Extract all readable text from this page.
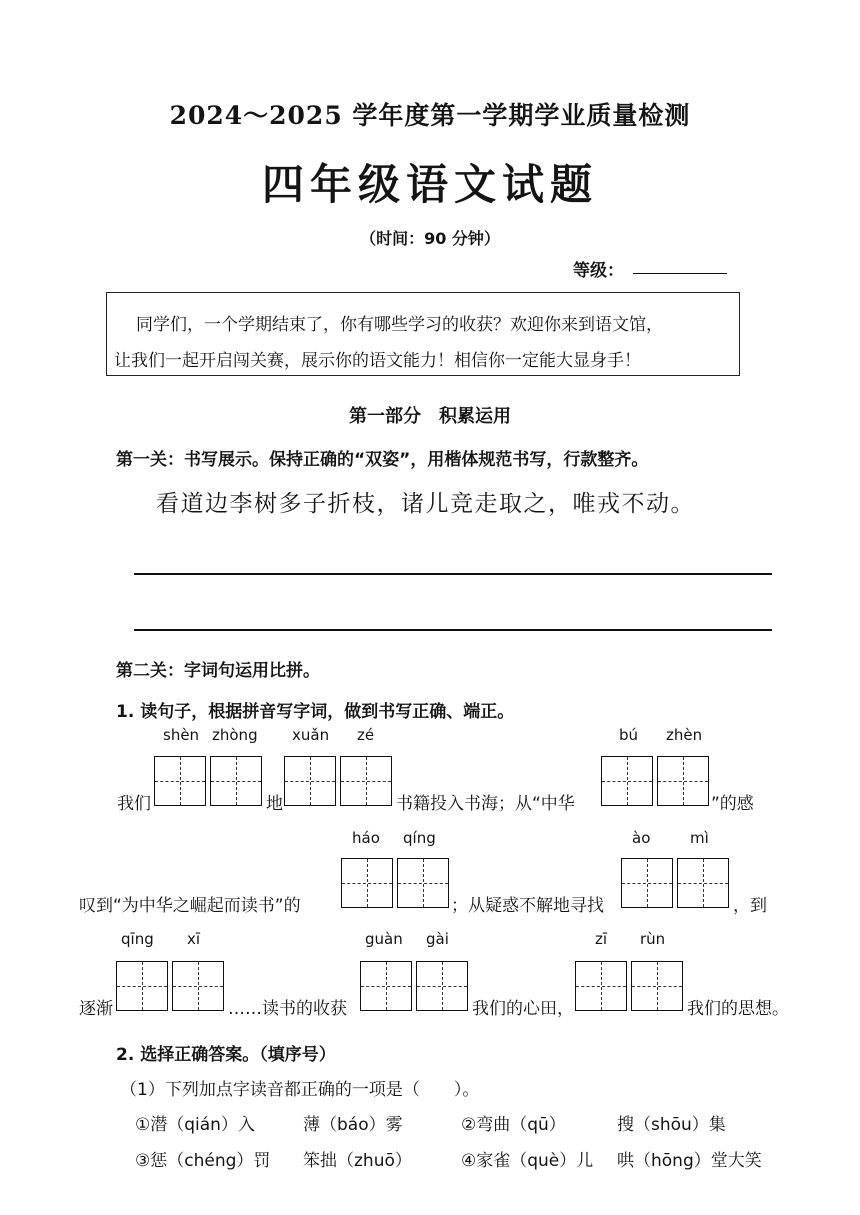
2024～2025 学年度第一学期学业质量检测
四年级语文试题
（时间：90 分钟）
等级：
同学们，一个学期结束了，你有哪些学习的收获？欢迎你来到语文馆，
让我们一起开启闯关赛，展示你的语文能力！相信你一定能大显身手！
第一部分　积累运用
第一关：书写展示。保持正确的“双姿”，用楷体规范书写，行款整齐。
看道边李树多子折枝，诸儿竞走取之，唯戎不动。
第二关：字词句运用比拼。
1. 读句子，根据拼音写字词，做到书写正确、端正。
shèn zhòng xuǎn zé	bú zhèn
我们	地	书籍投入书海；从“中华	”的感
háo qíng	ào	mì
叹到“为中华之崛起而读书”的	；从疑惑不解地寻找	，到
qīng xī	guàn gài	zī rùn
逐渐	……读书的收获	我们的心田，	我们的思想。
2. 选择正确答案。（填序号）
（1）下列加点字读音都正确的一项是（　　）。
①潜（qián）入	薄（báo）雾	②弯曲（qū）	搜（shōu）集
③惩（chéng）罚 笨拙（zhuō）	④家雀（què）儿 哄（hōng）堂大笑
